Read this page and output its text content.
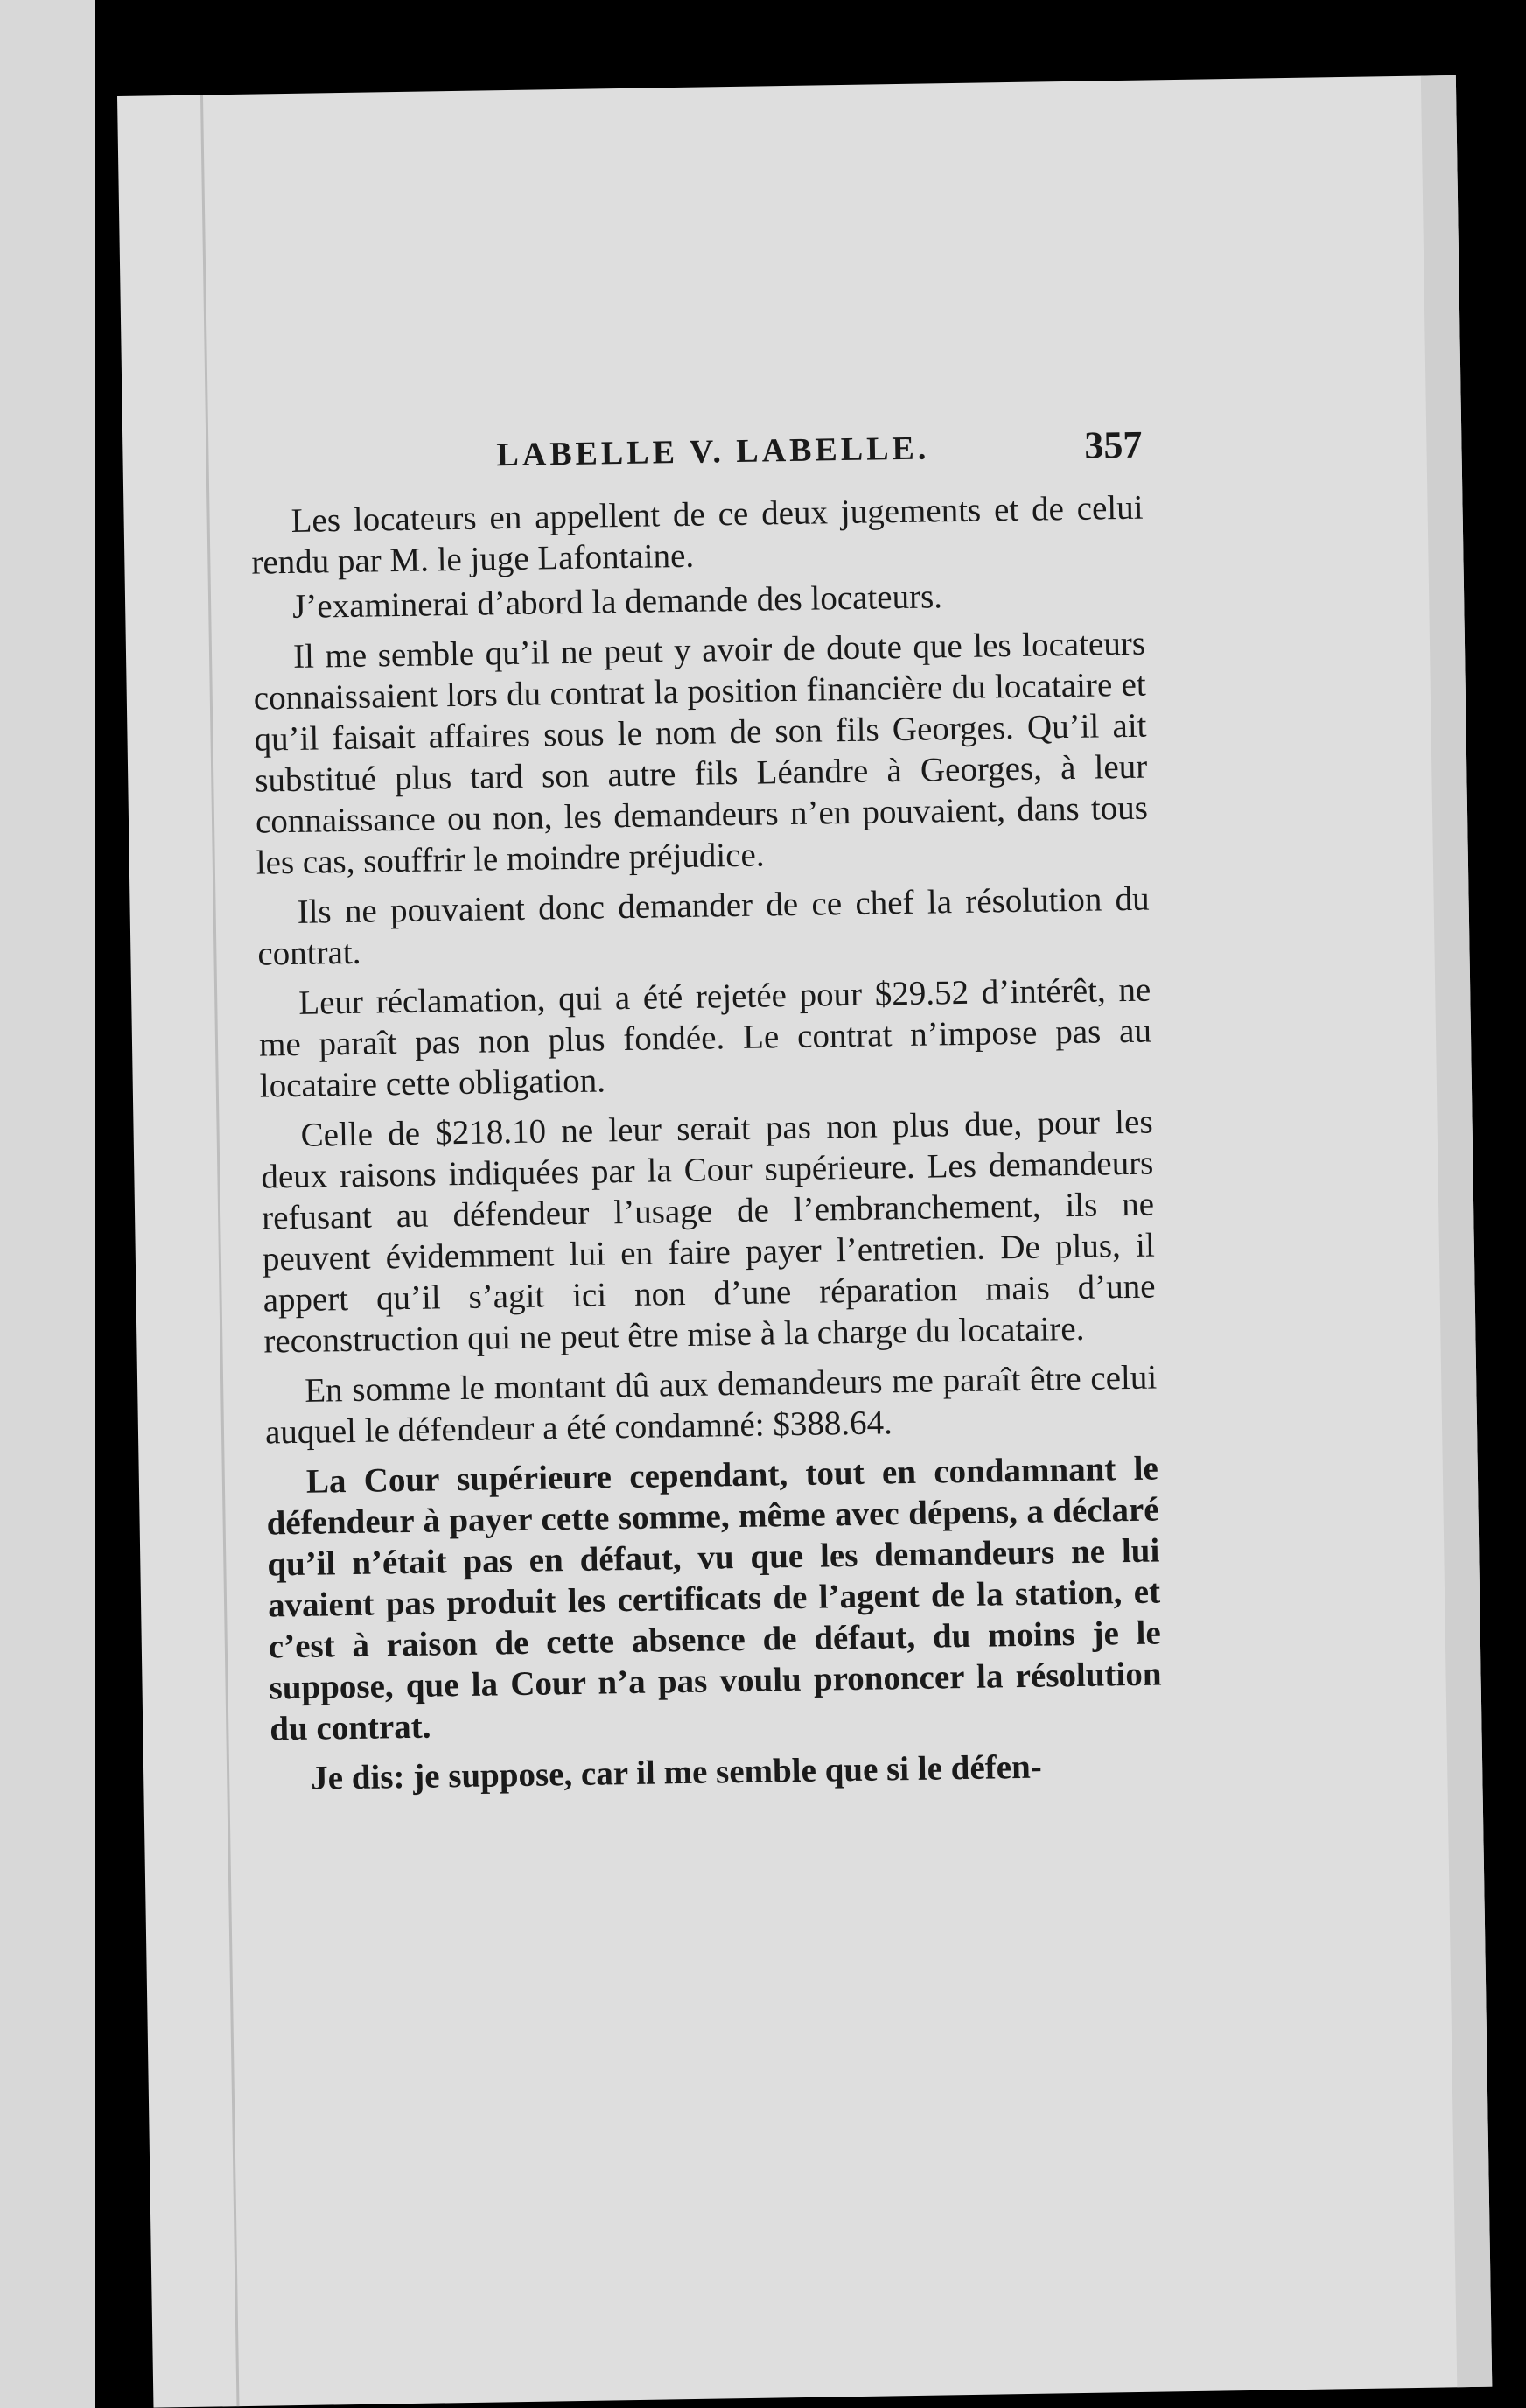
LABELLE V. LABELLE.	357

Les locateurs en appellent de ce deux jugements et de celui rendu par M. le juge Lafontaine.

J’examinerai d’abord la demande des locateurs.

Il me semble qu’il ne peut y avoir de doute que les locateurs connaissaient lors du contrat la position financière du locataire et qu’il faisait affaires sous le nom de son fils Georges. Qu’il ait substitué plus tard son autre fils Léandre à Georges, à leur connaissance ou non, les demandeurs n’en pouvaient, dans tous les cas, souffrir le moindre préjudice.

Ils ne pouvaient donc demander de ce chef la résolution du contrat.

Leur réclamation, qui a été rejetée pour $29.52 d’intérêt, ne me paraît pas non plus fondée. Le contrat n’impose pas au locataire cette obligation.

Celle de $218.10 ne leur serait pas non plus due, pour les deux raisons indiquées par la Cour supérieure. Les demandeurs refusant au défendeur l’usage de l’embranchement, ils ne peuvent évidemment lui en faire payer l’entretien. De plus, il appert qu’il s’agit ici non d’une réparation mais d’une reconstruction qui ne peut être mise à la charge du locataire.

En somme le montant dû aux demandeurs me paraît être celui auquel le défendeur a été condamné: $388.64.

La Cour supérieure cependant, tout en condamnant le défendeur à payer cette somme, même avec dépens, a déclaré qu’il n’était pas en défaut, vu que les demandeurs ne lui avaient pas produit les certificats de l’agent de la station, et c’est à raison de cette absence de défaut, du moins je le suppose, que la Cour n’a pas voulu prononcer la résolution du contrat.

Je dis: je suppose, car il me semble que si le défen-
